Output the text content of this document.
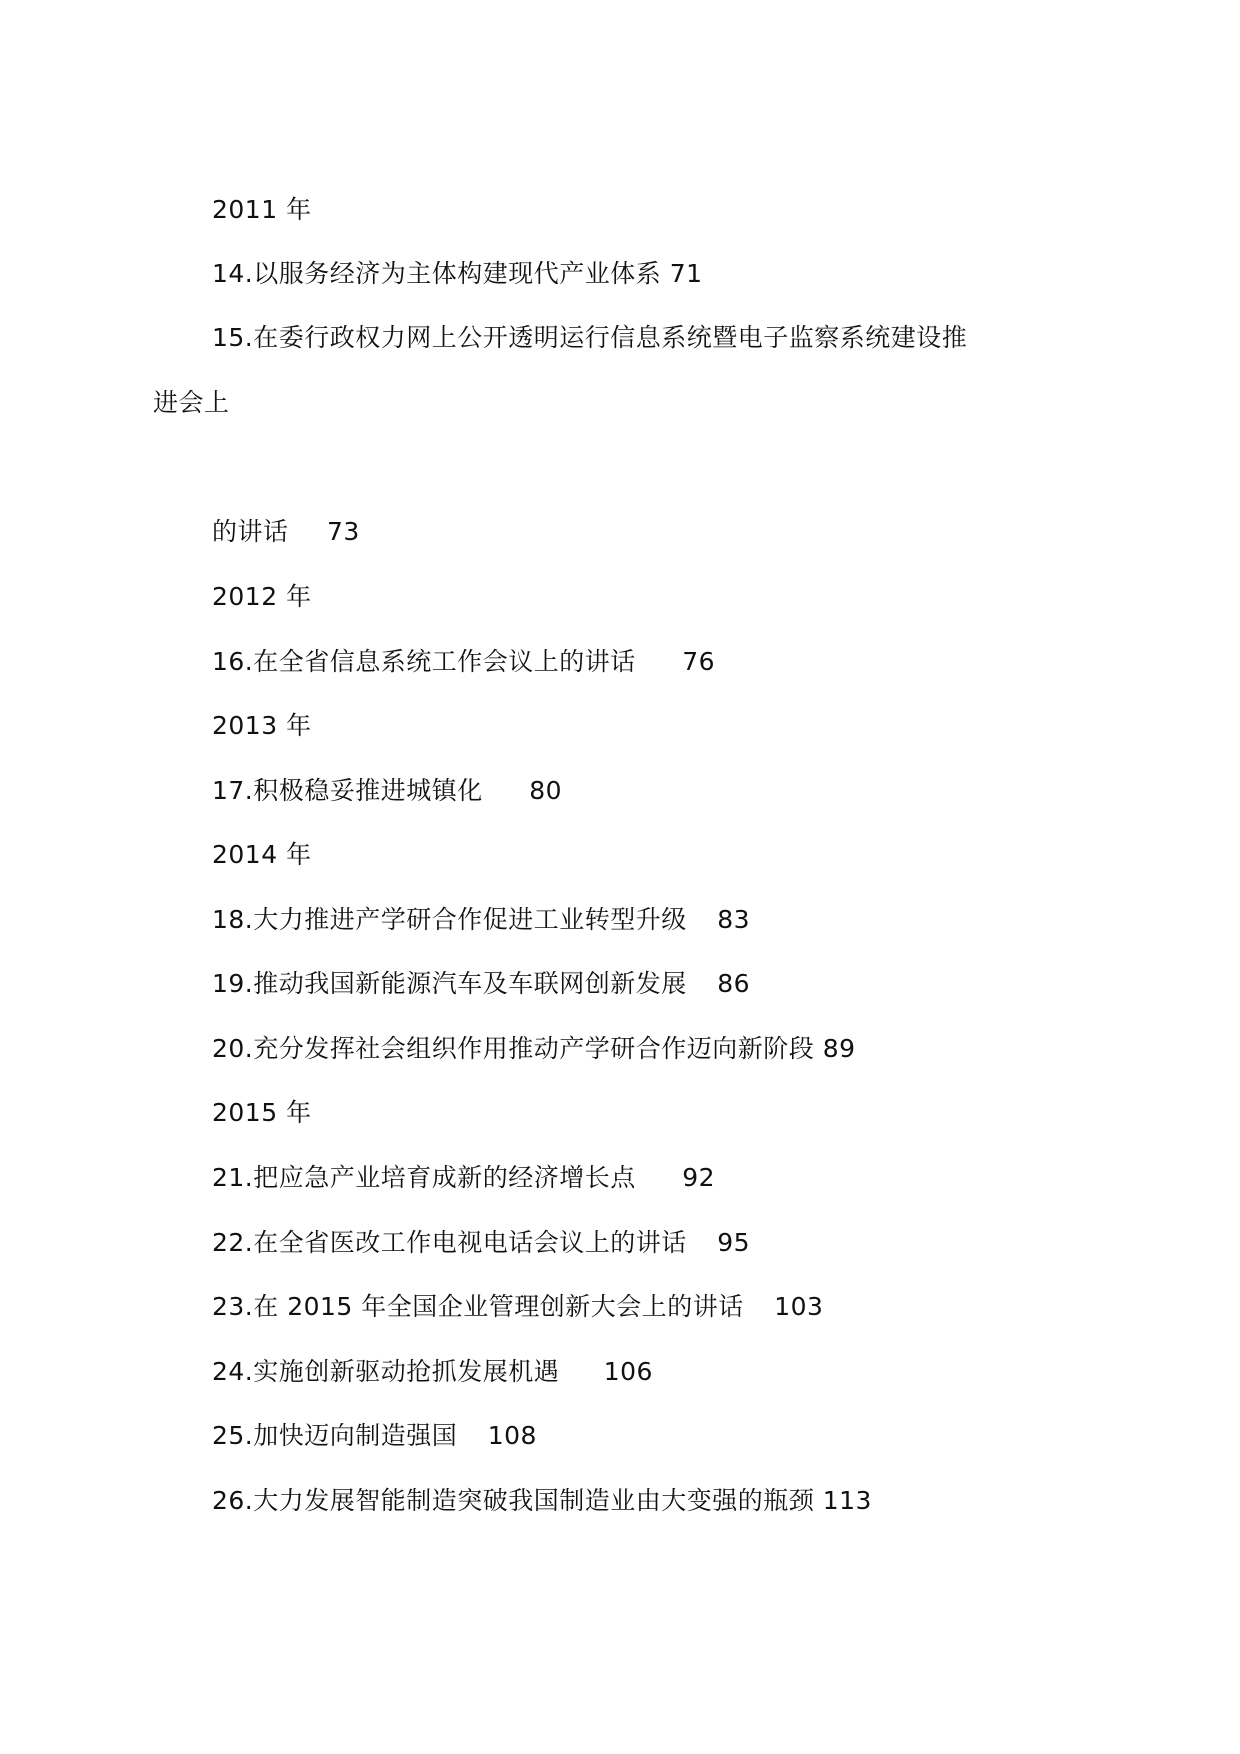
2011 年
14.以服务经济为主体构建现代产业体系 71
15.在委行政权力网上公开透明运行信息系统暨电子监察系统建设推
进会上
的讲话 73
2012 年
16.在全省信息系统工作会议上的讲话 76
2013 年
17.积极稳妥推进城镇化 80
2014 年
18.大力推进产学研合作促进工业转型升级 83
19.推动我国新能源汽车及车联网创新发展 86
20.充分发挥社会组织作用推动产学研合作迈向新阶段 89
2015 年
21.把应急产业培育成新的经济增长点 92
22.在全省医改工作电视电话会议上的讲话 95
23.在 2015 年全国企业管理创新大会上的讲话 103
24.实施创新驱动抢抓发展机遇 106
25.加快迈向制造强国 108
26.大力发展智能制造突破我国制造业由大变强的瓶颈 113
